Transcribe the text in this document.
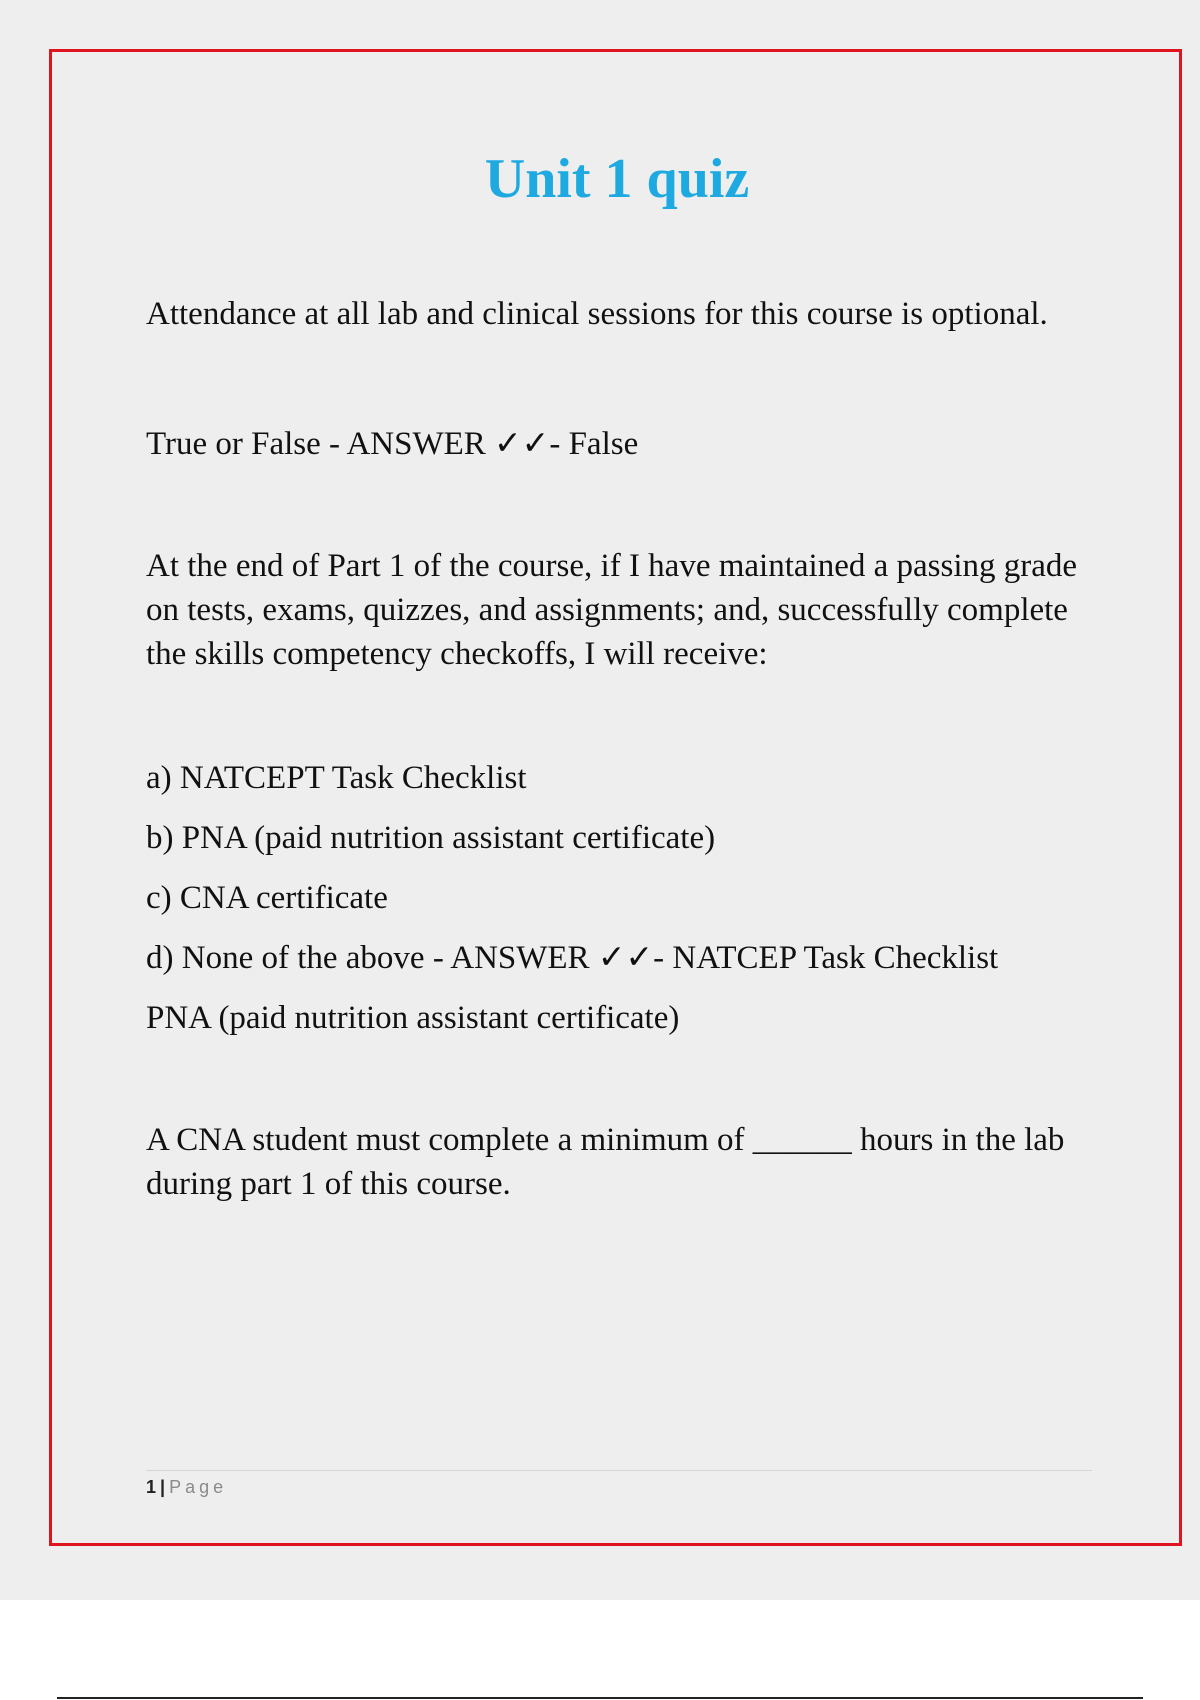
Unit 1 quiz

Attendance at all lab and clinical sessions for this course is optional.

True or False - ANSWER ✓✓- False

At the end of Part 1 of the course, if I have maintained a passing grade on tests, exams, quizzes, and assignments; and, successfully complete the skills competency checkoffs, I will receive:

a) NATCEPT Task Checklist

b) PNA (paid nutrition assistant certificate)

c) CNA certificate

d) None of the above - ANSWER ✓✓- NATCEP Task Checklist

PNA (paid nutrition assistant certificate)

A CNA student must complete a minimum of ______ hours in the lab during part 1 of this course.

1 | Page
